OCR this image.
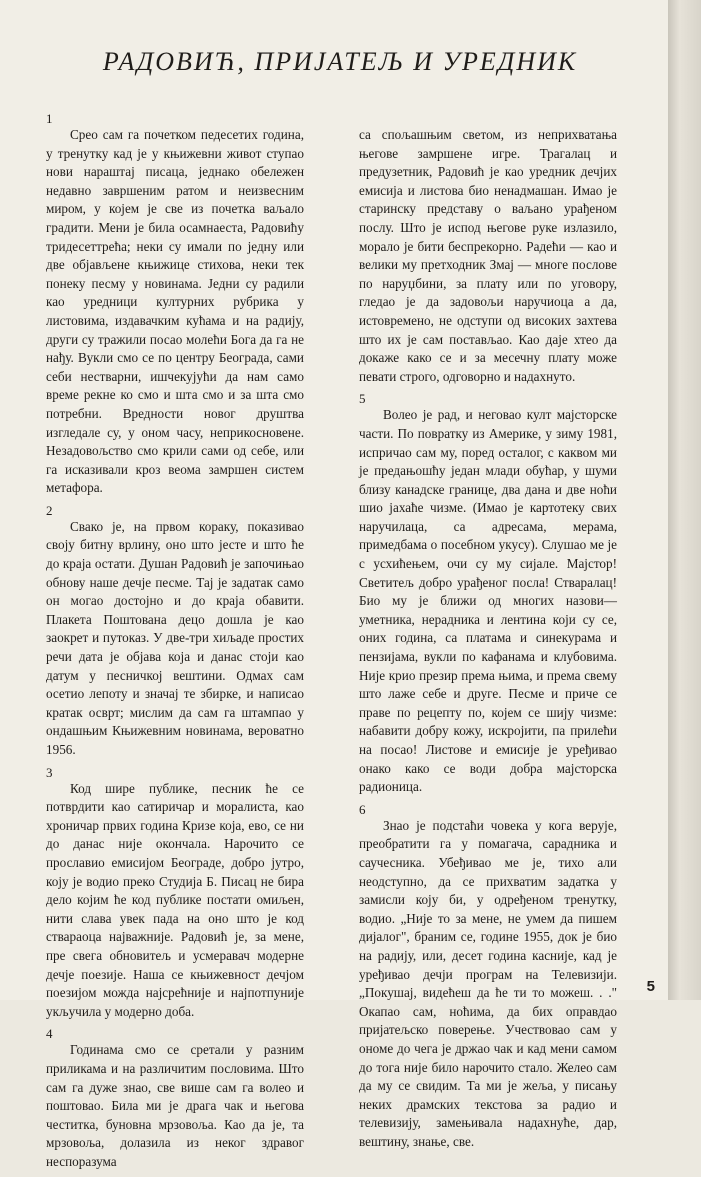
РАДОВИЋ, ПРИЈАТЕЉ И УРЕДНИК
1

Срео сам га почетком педесетих година, у тренутку кад је у књижевни живот ступао нови нараштај писаца, једнако обележен недавно завршеним ратом и неизвесним миром, у којем је све из почетка ваљало градити. Мени је била осамнаеста, Радовићу тридесеттрећа; неки су имали по једну или две објављене књижице стихова, неки тек понеку песму у новинама. Једни су радили као уредници културних рубрика у листовима, издавачким кућама и на радију, други су тражили посао молећи Бога да га не нађу. Вукли смо се по центру Београда, сами себи нестварни, ишчекујући да нам само време рекне ко смо и шта смо и за шта смо потребни. Вредности новог друштва изгледале су, у оном часу, неприкосновене. Незадовољство смо крили сами од себе, или га исказивали кроз веома замршен систем метафора.

2

Свако је, на првом кораку, показивао своју битну врлину, оно што јесте и што ће до краја остати. Душан Радовић је започињао обнову наше дечје песме. Тај је задатак само он могао достојно и до краја обавити. Плакета Поштована децо дошла је као заокрет и путоказ. У две-три хиљаде простих речи дата је објава која и данас стоји као датум у песничкој вештини. Одмах сам осетио лепоту и значај те збирке, и написао кратак осврт; мислим да сам га штампао у ондашњим Књижевним новинама, вероватно 1956.

3

Код шире публике, песник ће се потврдити као сатиричар и моралиста, као хроничар првих година Кризе која, ево, се ни до данас није окончала. Нарочито се прославио емисијом Београде, добро јутро, коју је водио преко Студија Б. Писац не бира дело којим ће код публике постати омиљен, нити слава увек пада на оно што је код ствараоца најважније. Радовић је, за мене, пре свега обновитељ и усмеравач модерне дечје поезије. Наша се књижевност дечјом поезијом можда најсрећније и најпотпуније укључила у модерно доба.

4

Годинама смо се сретали у разним приликама и на различитим пословима. Што сам га дуже знао, све више сам га волео и поштовао. Била ми је драга чак и његова честитка, буновна мрзовоља. Као да је, та мрзовоља, долазила из неког здравог неспоразума

са спољашњим светом, из неприхватања његове замршене игре. Трагалац и предузетник, Радовић је као уредник дечјих емисија и листова био ненадмашан. Имао је старинску представу о ваљано урађеном послу. Што је испод његове руке излазило, морало је бити беспрекорно. Радећи — као и велики му претходник Змај — многе послове по наруџбини, за плату или по уговору, гледао је да задовољи наручиоца а да, истовремено, не одступи од високих захтева што их је сам постављао. Као даје хтео да докаже како се и за месечну плату може певати строго, одговорно и надахнуто.

5

Волео је рад, и неговао култ мајсторске части. По повратку из Америке, у зиму 1981, испричао сам му, поред осталог, с каквом ми је предањошћу један млади обућар, у шуми близу канадске границе, два дана и две ноћи шио јахаће чизме. (Имао је картотеку свих наручилаца, са адресама, мерама, примедбама о посебном укусу). Слушао ме је с усхићењем, очи су му сијале. Мајстор! Светитељ добро урађеног посла! Стваралац! Био му је ближи од многих назови—уметника, нерадника и лентина који су се, оних година, са платама и синекурама и пензијама, вукли по кафанама и клубовима. Није крио презир према њима, и према свему што лаже себе и друге. Песме и приче се праве по рецепту по, којем се шију чизме: набавити добру кожу, искројити, па прилећи на посао! Листове и емисије је уређивао онако како се води добра мајсторска радионица.

6

Знао је подстаћи човека у кога верује, преобратити га у помагача, сарадника и саучесника. Убеђивао ме је, тихо али неодступно, да се прихватим задатка у замисли коју би, у одређеном тренутку, водио. „Није то за мене, не умем да пишем дијалог", браним се, године 1955, док је био на радију, или, десет година касније, кад је уређивао дечји програм на Телевизији. „Покушај, видећеш да ће ти то можеш. . ." Окапао сам, ноћима, да бих оправдао пријатељско поверење. Учествовао сам у ономе до чега је држао чак и кад мени самом до тога није било нарочито стало. Желео сам да му се свидим. Та ми је жеља, у писању неких драмских текстова за радио и телевизију, замењивала надахнуће, дар, вештину, знање, све.

5
